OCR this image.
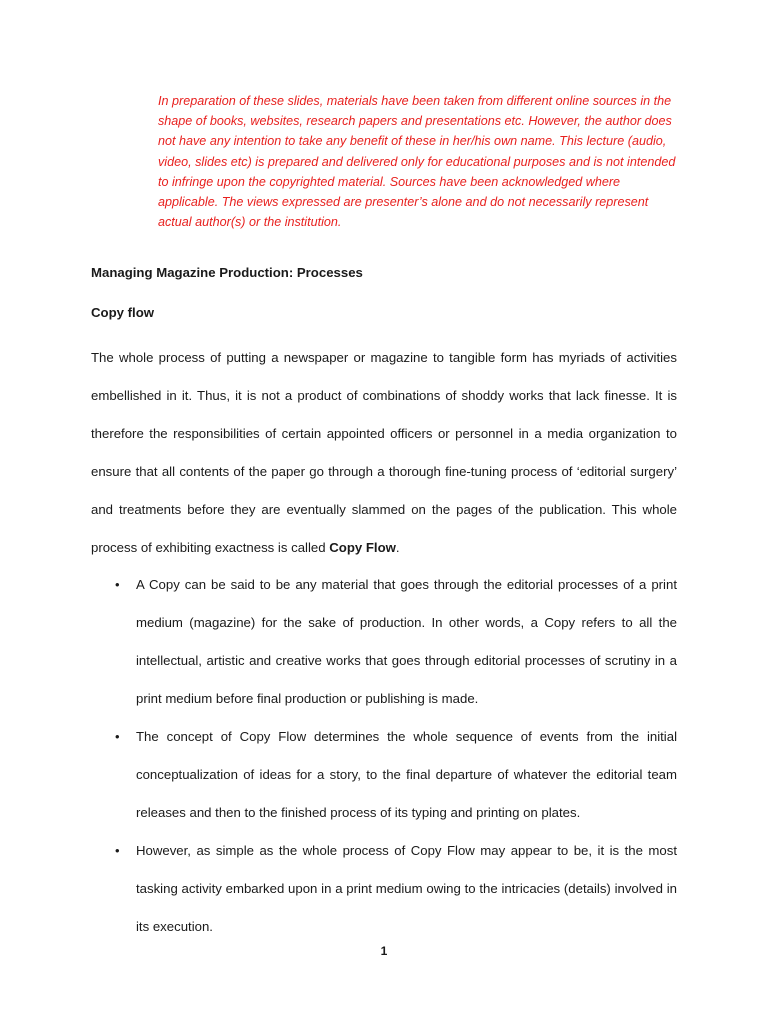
In preparation of these slides, materials have been taken from different online sources in the shape of books, websites, research papers and presentations etc. However, the author does not have any intention to take any benefit of these in her/his own name. This lecture (audio, video, slides etc) is prepared and delivered only for educational purposes and is not intended to infringe upon the copyrighted material. Sources have been acknowledged where applicable. The views expressed are presenter’s alone and do not necessarily represent actual author(s) or the institution.
Managing Magazine Production: Processes
Copy flow

The whole process of putting a newspaper or magazine to tangible form has myriads of activities embellished in it. Thus, it is not a product of combinations of shoddy works that lack finesse. It is therefore the responsibilities of certain appointed officers or personnel in a media organization to ensure that all contents of the paper go through a thorough fine-tuning process of ‘editorial surgery’ and treatments before they are eventually slammed on the pages of the publication. This whole process of exhibiting exactness is called Copy Flow.

• A Copy can be said to be any material that goes through the editorial processes of a print medium (magazine) for the sake of production. In other words, a Copy refers to all the intellectual, artistic and creative works that goes through editorial processes of scrutiny in a print medium before final production or publishing is made.
• The concept of Copy Flow determines the whole sequence of events from the initial conceptualization of ideas for a story, to the final departure of whatever the editorial team releases and then to the finished process of its typing and printing on plates.
• However, as simple as the whole process of Copy Flow may appear to be, it is the most tasking activity embarked upon in a print medium owing to the intricacies (details) involved in its execution.
1
